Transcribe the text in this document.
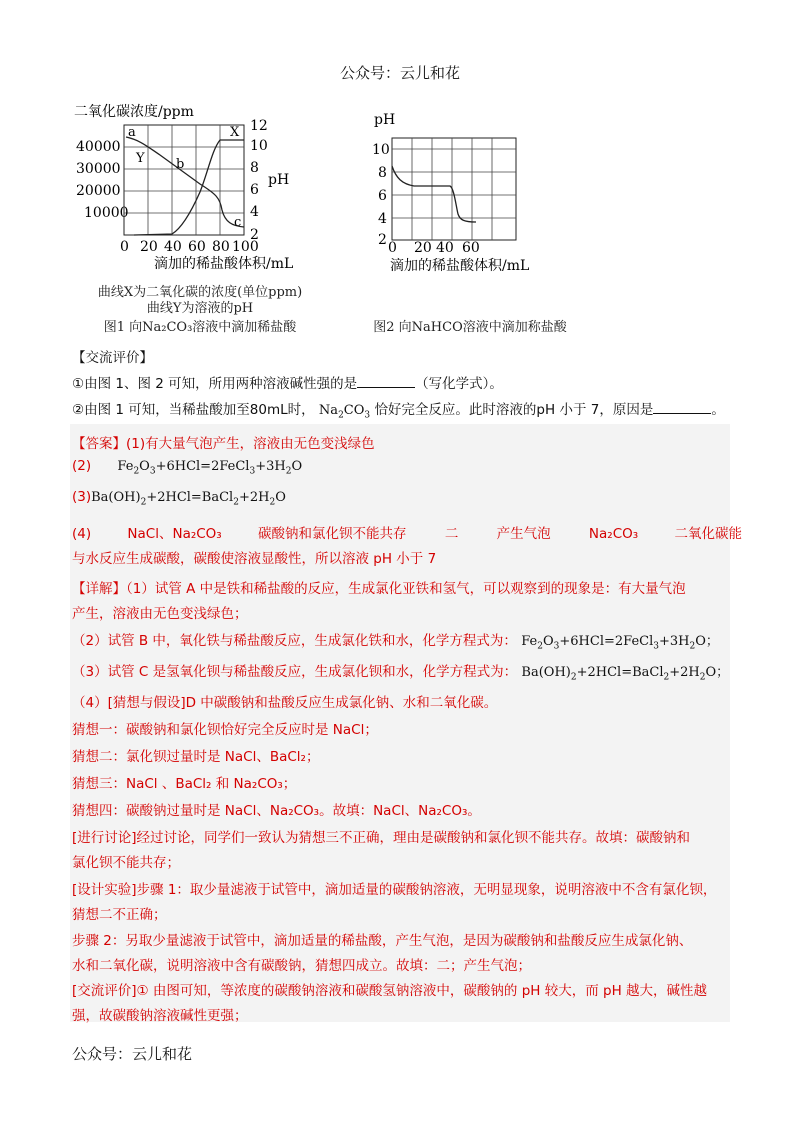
公众号：云儿和花
二氧化碳浓度/ppm
12
40000
30000
20000
10000
10
8
6
4
2
pH
0 20 40 60 80 100
滴加的稀盐酸体积/mL
a
Y b
X
c
曲线X为二氧化碳的浓度(单位ppm)
曲线Y为溶液的pH
图1 向Na₂CO₃溶液中滴加稀盐酸
pH
10
8
6
4
2 0 20 40 60
滴加的稀盐酸体积/mL
图2 向NaHCO溶液中滴加称盐酸
【交流评价】
①由图 1、图 2 可知，所用两种溶液碱性强的是	（写化学式）。
②由图 1 可知，当稀盐酸加至80mL时， $Na_2CO_3$ 恰好完全反应。此时溶液的pH 小于 7，原因是	。
【答案】(1)有大量气泡产生，溶液由无色变浅绿色
(2) $Fe_2O_3+6HCl=2FeCl_3+3H_2O$
$(3)Ba(OH)_2+2HCl=BaCl_2+2H_2O$
(4)	NaCl、Na₂CO₃	碳酸钠和氯化钡不能共存	二	产生气泡	Na₂CO₃	二氧化碳能
与水反应生成碳酸，碳酸使溶液显酸性，所以溶液 pH 小于 7
【详解】（1）试管 A 中是铁和稀盐酸的反应，生成氯化亚铁和氢气，可以观察到的现象是：有大量气泡
产生，溶液由无色变浅绿色；
（2）试管 B 中，氧化铁与稀盐酸反应，生成氯化铁和水，化学方程式为： $Fe_2O_3+6HCl=2FeCl_3+3H_2O$；
（3）试管 C 是氢氧化钡与稀盐酸反应，生成氯化钡和水，化学方程式为： $Ba(OH)_2+2HCl=BaCl_2+2H_2O$；
（4）[猜想与假设]D 中碳酸钠和盐酸反应生成氯化钠、水和二氧化碳。
猜想一：碳酸钠和氯化钡恰好完全反应时是 NaCl；
猜想二：氯化钡过量时是 NaCl、BaCl₂；
猜想三：NaCl 、BaCl₂ 和 Na₂CO₃；
猜想四：碳酸钠过量时是 NaCl、Na₂CO₃。故填：NaCl、Na₂CO₃。
[进行讨论]经过讨论，同学们一致认为猜想三不正确，理由是碳酸钠和氯化钡不能共存。故填：碳酸钠和
氯化钡不能共存；
[设计实验]步骤 1：取少量滤液于试管中，滴加适量的碳酸钠溶液，无明显现象，说明溶液中不含有氯化钡，
猜想二不正确；
步骤 2：另取少量滤液于试管中，滴加适量的稀盐酸，产生气泡，是因为碳酸钠和盐酸反应生成氯化钠、
水和二氧化碳，说明溶液中含有碳酸钠，猜想四成立。故填：二；产生气泡；
[交流评价]① 由图可知，等浓度的碳酸钠溶液和碳酸氢钠溶液中，碳酸钠的 pH 较大，而 pH 越大，碱性越
强，故碳酸钠溶液碱性更强；
公众号：云儿和花
